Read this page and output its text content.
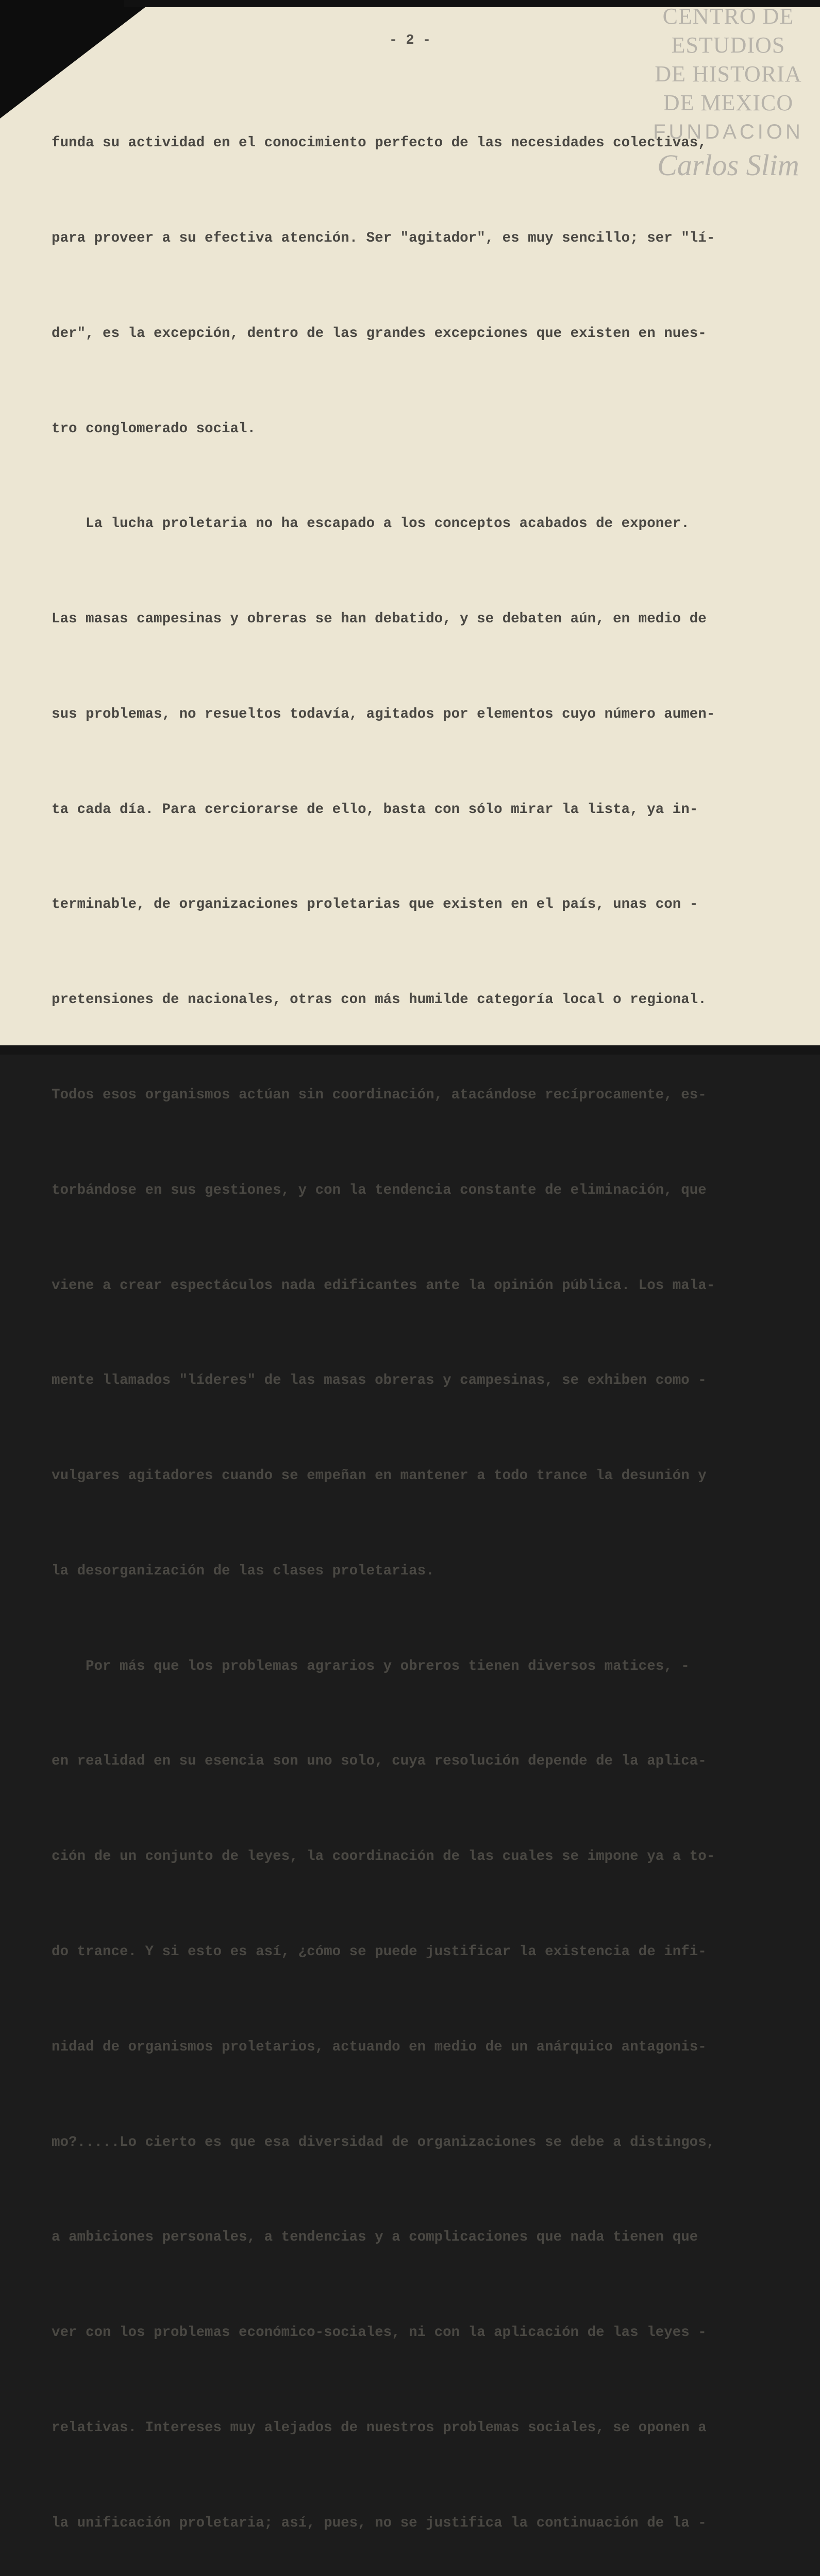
CENTRO DE
ESTUDIOS
DE HISTORIA
DE MEXICO
FUNDACION
Carlos Slim
- 2 -

funda su actividad en el conocimiento perfecto de las necesidades colectivas,

para proveer a su efectiva atención. Ser "agitador", es muy sencillo; ser "lí-

der", es la excepción, dentro de las grandes excepciones que existen en nues-

tro conglomerado social.

La lucha proletaria no ha escapado a los conceptos acabados de exponer.

Las masas campesinas y obreras se han debatido, y se debaten aún, en medio de

sus problemas, no resueltos todavía, agitados por elementos cuyo número aumen-

ta cada día. Para cerciorarse de ello, basta con sólo mirar la lista, ya in-

terminable, de organizaciones proletarias que existen en el país, unas con -

pretensiones de nacionales, otras con más humilde categoría local o regional.

Todos esos organismos actúan sin coordinación, atacándose recíprocamente, es-

torbándose en sus gestiones, y con la tendencia constante de eliminación, que

viene a crear espectáculos nada edificantes ante la opinión pública. Los mala-

mente llamados "líderes" de las masas obreras y campesinas, se exhiben como -

vulgares agitadores cuando se empeñan en mantener a todo trance la desunión y

la desorganización de las clases proletarias.

Por más que los problemas agrarios y obreros tienen diversos matices, -

en realidad en su esencia son uno solo, cuya resolución depende de la aplica-

ción de un conjunto de leyes, la coordinación de las cuales se impone ya a to-

do trance. Y si esto es así, ¿cómo se puede justificar la existencia de infi-

nidad de organismos proletarios, actuando en medio de un anárquico antagonis-

mo?.....Lo cierto es que esa diversidad de organizaciones se debe a distingos,

a ambiciones personales, a tendencias y a complicaciones que nada tienen que

ver con los problemas económico-sociales, ni con la aplicación de las leyes -

relativas. Intereses muy alejados de nuestros problemas sociales, se oponen a

la unificación proletaria; así, pues, no se justifica la continuación de la -
